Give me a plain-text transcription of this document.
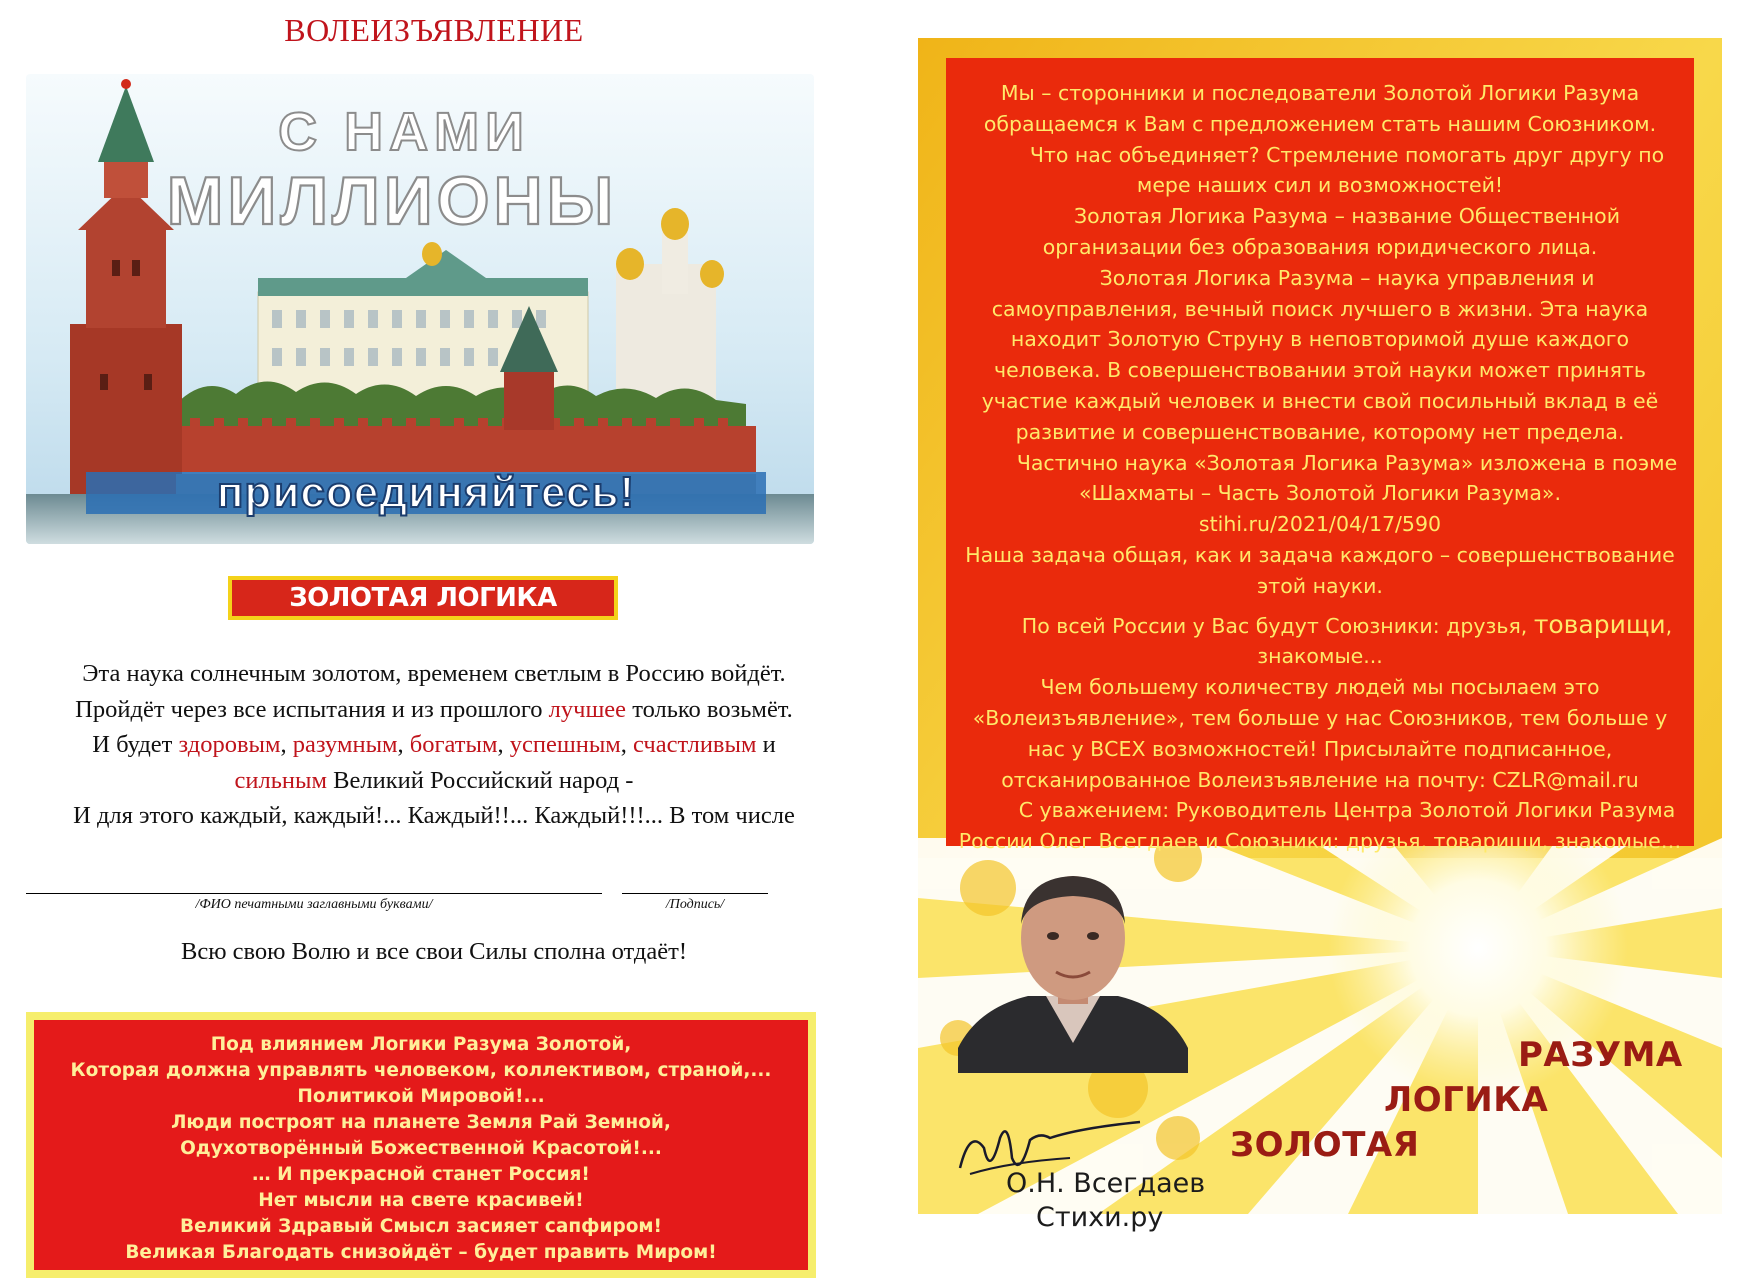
ВОЛЕИЗЪЯВЛЕНИЕ
С НАМИ
МИЛЛИОНЫ
присоединяйтесь!
ЗОЛОТАЯ ЛОГИКА РАЗУМА
Эта наука солнечным золотом, временем светлым в Россию войдёт.
Пройдёт через все испытания и из прошлого лучшее только возьмёт.
И будет здоровым, разумным, богатым, успешным, счастливым и
сильным Великий Российский народ -
И для этого каждый, каждый!... Каждый!!... Каждый!!!... В том числе
/ФИО печатными заглавными буквами/	/Подпись/
Всю свою Волю и все свои Силы сполна отдаёт!
Под влиянием Логики Разума Золотой,
Которая должна управлять человеком, коллективом, страной,...
Политикой Мировой!...
Люди построят на планете Земля Рай Земной,
Одухотворённый Божественной Красотой!...
… И прекрасной станет Россия!
Нет мысли на свете красивей!
Великий Здравый Смысл засияет сапфиром!
Великая Благодать снизойдёт – будет править Миром!

Мы – сторонники и последователи Золотой Логики Разума обращаемся к Вам с предложением стать нашим Союзником.

Что нас объединяет? Стремление помогать друг другу по мере наших сил и возможностей!

Золотая Логика Разума – название Общественной организации без образования юридического лица.

Золотая Логика Разума – наука управления и самоуправления, вечный поиск лучшего в жизни. Эта наука находит Золотую Струну в неповторимой душе каждого человека. В совершенствовании этой науки может принять участие каждый человек и внести свой посильный вклад в её развитие и совершенствование, которому нет предела.

Частично наука «Золотая Логика Разума» изложена в поэме «Шахматы – Часть Золотой Логики Разума». stihi.ru/2021/04/17/590

Наша задача общая, как и задача каждого – совершенствование этой науки.

По всей России у Вас будут Союзники: друзья, товарищи, знакомые...

Чем большему количеству людей мы посылаем это «Волеизъявление», тем больше у нас Союзников, тем больше у нас у ВСЕХ возможностей! Присылайте подписанное, отсканированное Волеизъявление на почту: CZLR@mail.ru

С уважением: Руководитель Центра Золотой Логики Разума России Олег Всегдаев и Союзники: друзья, товарищи, знакомые…

О.Н. Всегдаев
Стихи.ру
ЗОЛОТАЯ
ЛОГИКА
РАЗУМА
